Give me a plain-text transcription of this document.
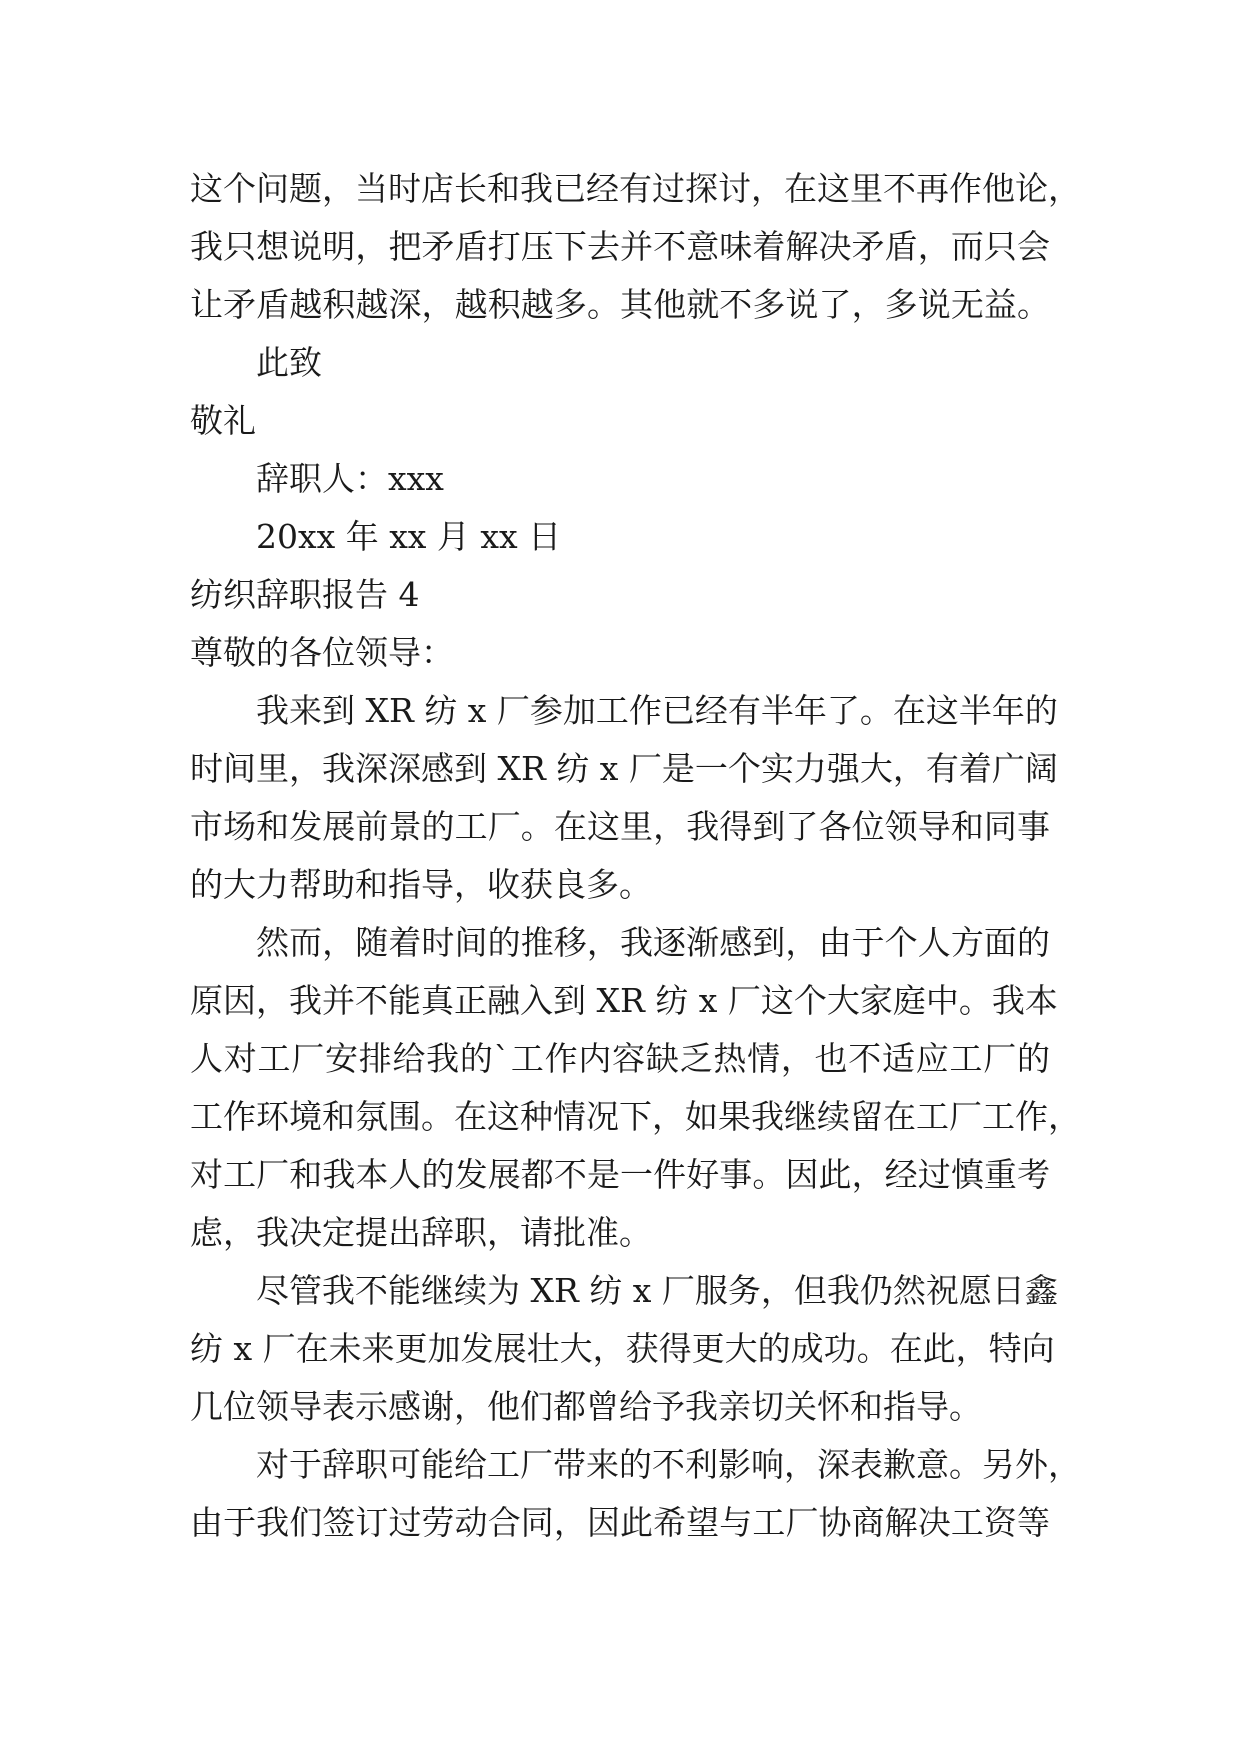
这个问题，当时店长和我已经有过探讨，在这里不再作他论，
我只想说明，把矛盾打压下去并不意味着解决矛盾，而只会
让矛盾越积越深，越积越多。其他就不多说了，多说无益。
此致
敬礼
辞职人：xxx
20xx 年 xx 月 xx 日
纺织辞职报告 4
尊敬的各位领导：
我来到 XR 纺 x 厂参加工作已经有半年了。在这半年的
时间里，我深深感到 XR 纺 x 厂是一个实力强大，有着广阔
市场和发展前景的工厂。在这里，我得到了各位领导和同事
的大力帮助和指导，收获良多。
然而，随着时间的推移，我逐渐感到，由于个人方面的
原因，我并不能真正融入到 XR 纺 x 厂这个大家庭中。我本
人对工厂安排给我的`工作内容缺乏热情，也不适应工厂的
工作环境和氛围。在这种情况下，如果我继续留在工厂工作，
对工厂和我本人的发展都不是一件好事。因此，经过慎重考
虑，我决定提出辞职，请批准。
尽管我不能继续为 XR 纺 x 厂服务，但我仍然祝愿日鑫
纺 x 厂在未来更加发展壮大，获得更大的成功。在此，特向
几位领导表示感谢，他们都曾给予我亲切关怀和指导。
对于辞职可能给工厂带来的不利影响，深表歉意。另外，
由于我们签订过劳动合同，因此希望与工厂协商解决工资等
